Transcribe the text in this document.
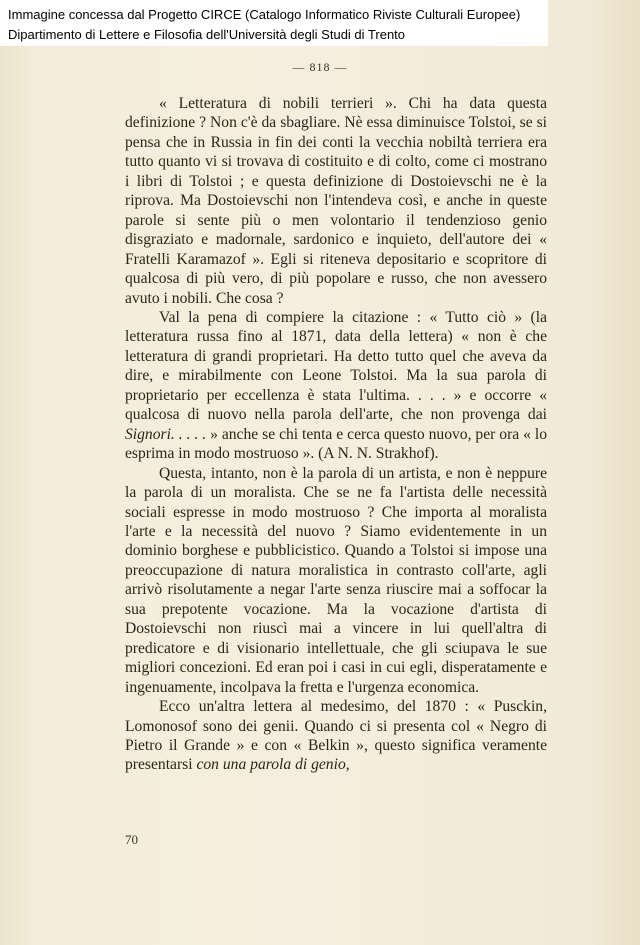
Immagine concessa dal Progetto CIRCE (Catalogo Informatico Riviste Culturali Europee)

Dipartimento di Lettere e Filosofia dell'Università degli Studi di Trento

— 818 —

« Letteratura di nobili terrieri ». Chi ha data questa definizione ? Non c'è da sbagliare. Nè essa diminuisce Tolstoi, se si pensa che in Russia in fin dei conti la vecchia nobiltà terriera era tutto quanto vi si trovava di costituito e di colto, come ci mostrano i libri di Tolstoi ; e questa definizione di Dostoievschi ne è la riprova. Ma Dostoievschi non l'intendeva così, e anche in queste parole si sente più o men volontario il tendenzioso genio disgraziato e madornale, sardonico e inquieto, dell'autore dei « Fratelli Karamazof ». Egli si riteneva depositario e scopritore di qualcosa di più vero, di più popolare e russo, che non avessero avuto i nobili. Che cosa ?

Val la pena di compiere la citazione : « Tutto ciò » (la letteratura russa fino al 1871, data della lettera) « non è che letteratura di grandi proprietari. Ha detto tutto quel che aveva da dire, e mirabilmente con Leone Tolstoi. Ma la sua parola di proprietario per eccellenza è stata l'ultima. . . . » e occorre « qualcosa di nuovo nella parola dell'arte, che non provenga dai Signori. . . . . » anche se chi tenta e cerca questo nuovo, per ora « lo esprima in modo mostruoso ». (A N. N. Strakhof).

Questa, intanto, non è la parola di un artista, e non è neppure la parola di un moralista. Che se ne fa l'artista delle necessità sociali espresse in modo mostruoso ? Che importa al moralista l'arte e la necessità del nuovo ? Siamo evidentemente in un dominio borghese e pubblicistico. Quando a Tolstoi si impose una preoccupazione di natura moralistica in contrasto coll'arte, agli arrivò risolutamente a negar l'arte senza riuscire mai a soffocar la sua prepotente vocazione. Ma la vocazione d'artista di Dostoievschi non riuscì mai a vincere in lui quell'altra di predicatore e di visionario intellettuale, che gli sciupava le sue migliori concezioni. Ed eran poi i casi in cui egli, disperatamente e ingenuamente, incolpava la fretta e l'urgenza economica.

Ecco un'altra lettera al medesimo, del 1870 : « Pusckin, Lomonosof sono dei genii. Quando ci si presenta col « Negro di Pietro il Grande » e con « Belkin », questo significa veramente presentarsi con una parola di genio,

70
